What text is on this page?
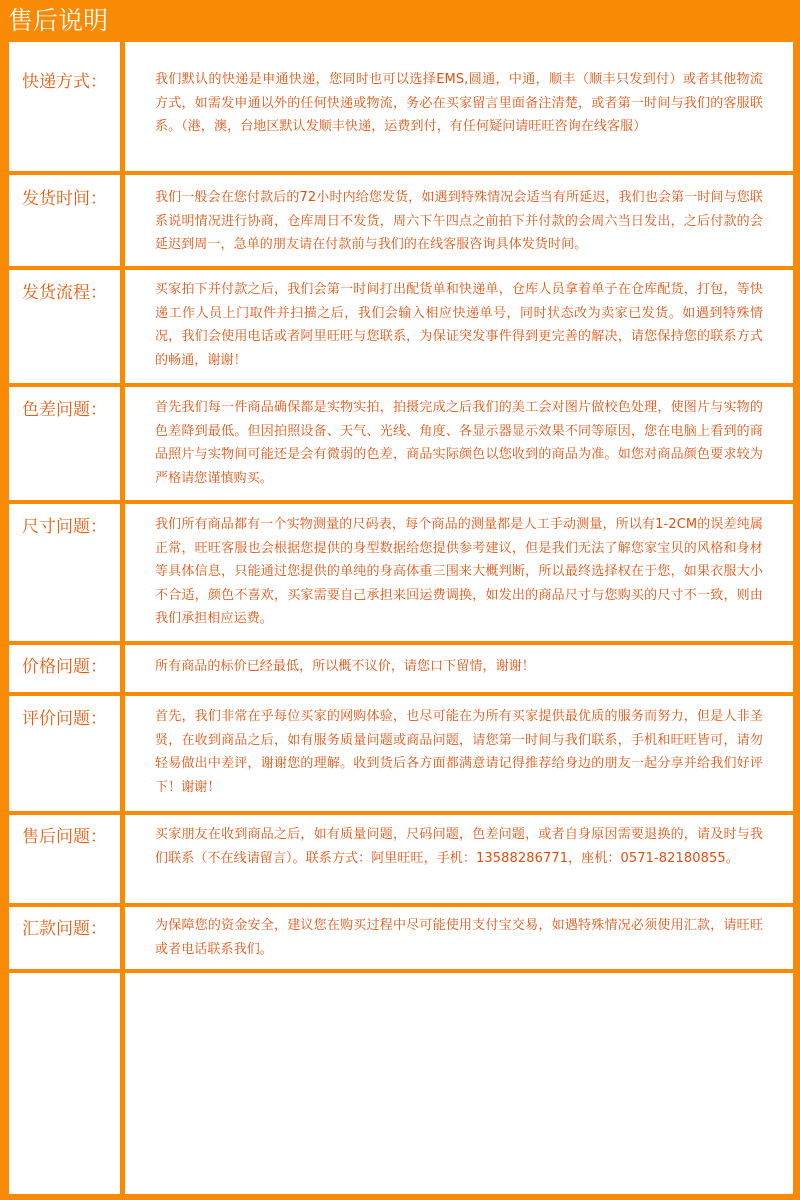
售后说明
快递方式：	我们默认的快递是申通快递，您同时也可以选择EMS,圆通，中通，顺丰（顺丰只发到付）或者其他物流方式，如需发申通以外的任何快递或物流，务必在买家留言里面备注清楚，或者第一时间与我们的客服联系。（港，澳，台地区默认发顺丰快递，运费到付，有任何疑问请旺旺咨询在线客服）
发货时间：	我们一般会在您付款后的72小时内给您发货，如遇到特殊情况会适当有所延迟，我们也会第一时间与您联系说明情况进行协商，仓库周日不发货，周六下午四点之前拍下并付款的会周六当日发出，之后付款的会延迟到周一，急单的朋友请在付款前与我们的在线客服咨询具体发货时间。
发货流程：	买家拍下并付款之后，我们会第一时间打出配货单和快递单，仓库人员拿着单子在仓库配货，打包，等快递工作人员上门取件并扫描之后，我们会输入相应快递单号，同时状态改为卖家已发货。如遇到特殊情况，我们会使用电话或者阿里旺旺与您联系，为保证突发事件得到更完善的解决，请您保持您的联系方式的畅通，谢谢！
色差问题：	首先我们每一件商品确保都是实物实拍，拍摄完成之后我们的美工会对图片做校色处理，使图片与实物的色差降到最低。但因拍照设备、天气、光线、角度、各显示器显示效果不同等原因，您在电脑上看到的商品照片与实物间可能还是会有微弱的色差，商品实际颜色以您收到的商品为准。如您对商品颜色要求较为严格请您谨慎购买。
尺寸问题：	我们所有商品都有一个实物测量的尺码表，每个商品的测量都是人工手动测量，所以有1-2CM的误差纯属正常，旺旺客服也会根据您提供的身型数据给您提供参考建议，但是我们无法了解您家宝贝的风格和身材等具体信息，只能通过您提供的单纯的身高体重三围来大概判断，所以最终选择权在于您，如果衣服大小不合适，颜色不喜欢，买家需要自己承担来回运费调换，如发出的商品尺寸与您购买的尺寸不一致，则由我们承担相应运费。
价格问题：	所有商品的标价已经最低，所以概不议价，请您口下留情，谢谢！
评价问题：	首先，我们非常在乎每位买家的网购体验，也尽可能在为所有买家提供最优质的服务而努力，但是人非圣贤，在收到商品之后，如有服务质量问题或商品问题，请您第一时间与我们联系，手机和旺旺皆可，请勿轻易做出中差评，谢谢您的理解。收到货后各方面都满意请记得推荐给身边的朋友一起分享并给我们好评下！谢谢！
售后问题：	买家朋友在收到商品之后，如有质量问题，尺码问题，色差问题，或者自身原因需要退换的，请及时与我们联系（不在线请留言）。联系方式：阿里旺旺，手机：13588286771，座机：0571-82180855。
汇款问题：	为保障您的资金安全，建议您在购买过程中尽可能使用支付宝交易，如遇特殊情况必须使用汇款，请旺旺或者电话联系我们。
